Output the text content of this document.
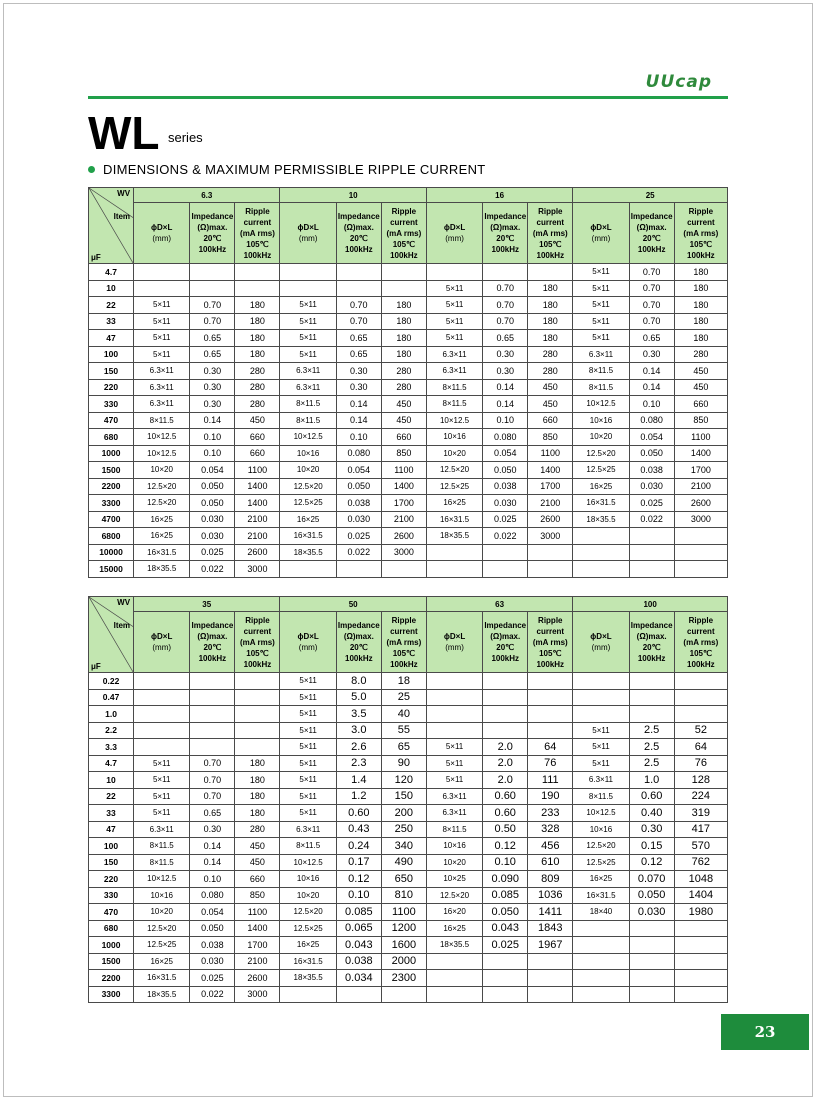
UUcap
WL series
DIMENSIONS & MAXIMUM PERMISSIBLE RIPPLE CURRENT
WV
Item
μF	6.3			10			16			25		
	ϕD×L
(mm)	Impedance
(Ω)max.
20℃
100kHz	Ripple
current
(mA rms)
105℃
100kHz	ϕD×L
(mm)	Impedance
(Ω)max.
20℃
100kHz	Ripple
current
(mA rms)
105℃
100kHz	ϕD×L
(mm)	Impedance
(Ω)max.
20℃
100kHz	Ripple
current
(mA rms)
105℃
100kHz	ϕD×L
(mm)	Impedance
(Ω)max.
20℃
100kHz	Ripple
current
(mA rms)
105℃
100kHz
4.7										5×11	0.70	180
10							5×11	0.70	180	5×11	0.70	180
22	5×11	0.70	180	5×11	0.70	180	5×11	0.70	180	5×11	0.70	180
33	5×11	0.70	180	5×11	0.70	180	5×11	0.70	180	5×11	0.70	180
47	5×11	0.65	180	5×11	0.65	180	5×11	0.65	180	5×11	0.65	180
100	5×11	0.65	180	5×11	0.65	180	6.3×11	0.30	280	6.3×11	0.30	280
150	6.3×11	0.30	280	6.3×11	0.30	280	6.3×11	0.30	280	8×11.5	0.14	450
220	6.3×11	0.30	280	6.3×11	0.30	280	8×11.5	0.14	450	8×11.5	0.14	450
330	6.3×11	0.30	280	8×11.5	0.14	450	8×11.5	0.14	450	10×12.5	0.10	660
470	8×11.5	0.14	450	8×11.5	0.14	450	10×12.5	0.10	660	10×16	0.080	850
680	10×12.5	0.10	660	10×12.5	0.10	660	10×16	0.080	850	10×20	0.054	1100
1000	10×12.5	0.10	660	10×16	0.080	850	10×20	0.054	1100	12.5×20	0.050	1400
1500	10×20	0.054	1100	10×20	0.054	1100	12.5×20	0.050	1400	12.5×25	0.038	1700
2200	12.5×20	0.050	1400	12.5×20	0.050	1400	12.5×25	0.038	1700	16×25	0.030	2100
3300	12.5×20	0.050	1400	12.5×25	0.038	1700	16×25	0.030	2100	16×31.5	0.025	2600
4700	16×25	0.030	2100	16×25	0.030	2100	16×31.5	0.025	2600	18×35.5	0.022	3000
6800	16×25	0.030	2100	16×31.5	0.025	2600	18×35.5	0.022	3000			
10000	16×31.5	0.025	2600	18×35.5	0.022	3000						
15000	18×35.5	0.022	3000									
WV
Item
μF	35			50			63			100		
	ϕD×L
(mm)	Impedance
(Ω)max.
20℃
100kHz	Ripple
current
(mA rms)
105℃
100kHz	ϕD×L
(mm)	Impedance
(Ω)max.
20℃
100kHz	Ripple
current
(mA rms)
105℃
100kHz	ϕD×L
(mm)	Impedance
(Ω)max.
20℃
100kHz	Ripple
current
(mA rms)
105℃
100kHz	ϕD×L
(mm)	Impedance
(Ω)max.
20℃
100kHz	Ripple
current
(mA rms)
105℃
100kHz
0.22				5×11	8.0	18						
0.47				5×11	5.0	25						
1.0				5×11	3.5	40						
2.2				5×11	3.0	55				5×11	2.5	52
3.3				5×11	2.6	65	5×11	2.0	64	5×11	2.5	64
4.7	5×11	0.70	180	5×11	2.3	90	5×11	2.0	76	5×11	2.5	76
10	5×11	0.70	180	5×11	1.4	120	5×11	2.0	111	6.3×11	1.0	128
22	5×11	0.70	180	5×11	1.2	150	6.3×11	0.60	190	8×11.5	0.60	224
33	5×11	0.65	180	5×11	0.60	200	6.3×11	0.60	233	10×12.5	0.40	319
47	6.3×11	0.30	280	6.3×11	0.43	250	8×11.5	0.50	328	10×16	0.30	417
100	8×11.5	0.14	450	8×11.5	0.24	340	10×16	0.12	456	12.5×20	0.15	570
150	8×11.5	0.14	450	10×12.5	0.17	490	10×20	0.10	610	12.5×25	0.12	762
220	10×12.5	0.10	660	10×16	0.12	650	10×25	0.090	809	16×25	0.070	1048
330	10×16	0.080	850	10×20	0.10	810	12.5×20	0.085	1036	16×31.5	0.050	1404
470	10×20	0.054	1100	12.5×20	0.085	1100	16×20	0.050	1411	18×40	0.030	1980
680	12.5×20	0.050	1400	12.5×25	0.065	1200	16×25	0.043	1843			
1000	12.5×25	0.038	1700	16×25	0.043	1600	18×35.5	0.025	1967			
1500	16×25	0.030	2100	16×31.5	0.038	2000						
2200	16×31.5	0.025	2600	18×35.5	0.034	2300						
3300	18×35.5	0.022	3000									
23
